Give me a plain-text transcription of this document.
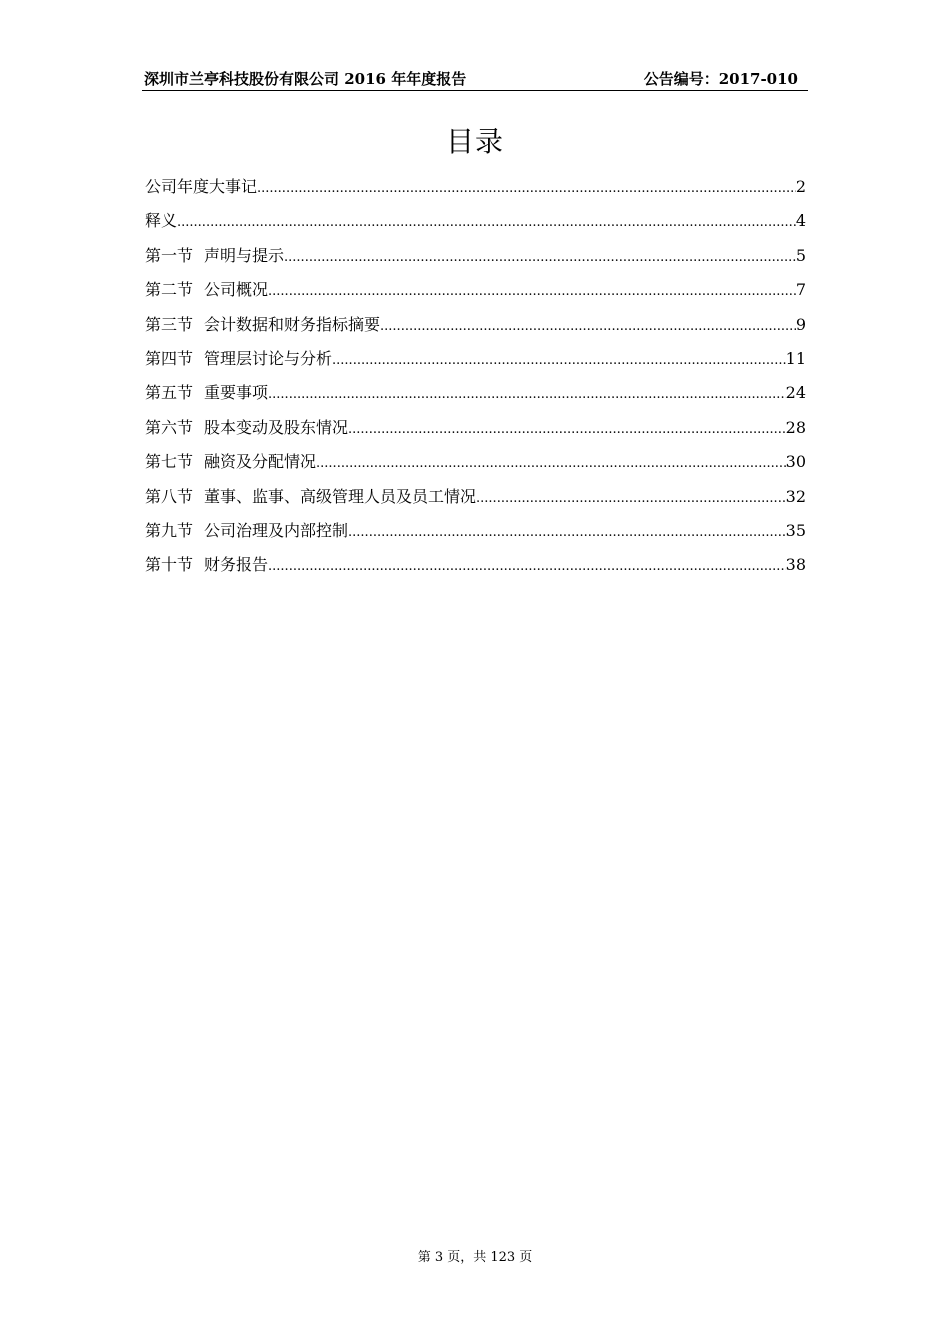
深圳市兰亭科技股份有限公司 2016 年年度报告	公告编号：2017-010
目录
公司年度大事记 .....	2
释义 .....	4
第一节 声明与提示 .....	5
第二节 公司概况 .....	7
第三节 会计数据和财务指标摘要 .....	9
第四节 管理层讨论与分析 .....	11
第五节 重要事项 .....	24
第六节 股本变动及股东情况 .....	28
第七节 融资及分配情况 .....	30
第八节 董事、监事、高级管理人员及员工情况 .....	32
第九节 公司治理及内部控制 .....	35
第十节 财务报告 .....	38
第 3 页，共 123 页
